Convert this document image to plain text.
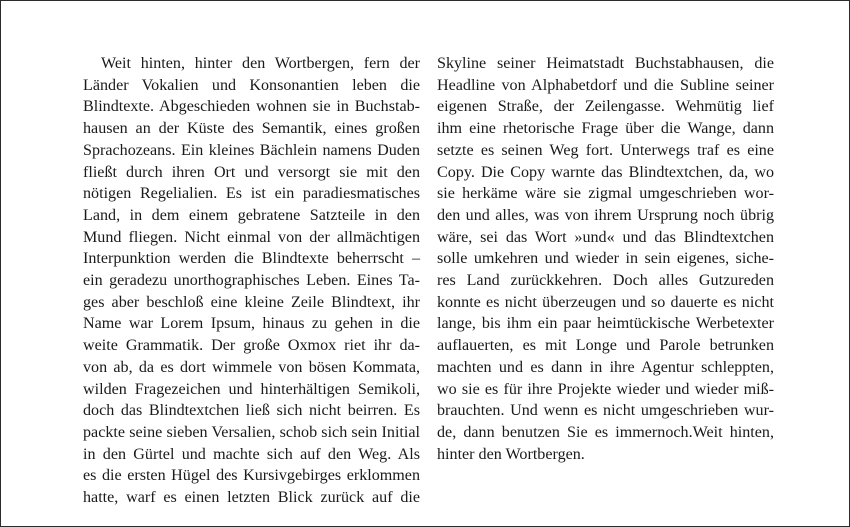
Weit hinten, hinter den Wortbergen, fern der
Länder Vokalien und Konsonantien leben die
Blindtexte. Abgeschieden wohnen sie in Buchstab-
hausen an der Küste des Semantik, eines großen
Sprachozeans. Ein kleines Bächlein namens Duden
fließt durch ihren Ort und versorgt sie mit den
nötigen Regelialien. Es ist ein paradiesmatisches
Land, in dem einem gebratene Satzteile in den
Mund fliegen. Nicht einmal von der allmächtigen
Interpunktion werden die Blindtexte beherrscht –
ein geradezu unorthographisches Leben. Eines Ta-
ges aber beschloß eine kleine Zeile Blindtext, ihr
Name war Lorem Ipsum, hinaus zu gehen in die
weite Grammatik. Der große Oxmox riet ihr da-
von ab, da es dort wimmele von bösen Kommata,
wilden Fragezeichen und hinterhältigen Semikoli,
doch das Blindtextchen ließ sich nicht beirren. Es
packte seine sieben Versalien, schob sich sein Initial
in den Gürtel und machte sich auf den Weg. Als
es die ersten Hügel des Kursivgebirges erklommen
hatte, warf es einen letzten Blick zurück auf die
Skyline seiner Heimatstadt Buchstabhausen, die
Headline von Alphabetdorf und die Subline seiner
eigenen Straße, der Zeilengasse. Wehmütig lief
ihm eine rhetorische Frage über die Wange, dann
setzte es seinen Weg fort. Unterwegs traf es eine
Copy. Die Copy warnte das Blindtextchen, da, wo
sie herkäme wäre sie zigmal umgeschrieben wor-
den und alles, was von ihrem Ursprung noch übrig
wäre, sei das Wort »und« und das Blindtextchen
solle umkehren und wieder in sein eigenes, siche-
res Land zurückkehren. Doch alles Gutzureden
konnte es nicht überzeugen und so dauerte es nicht
lange, bis ihm ein paar heimtückische Werbetexter
auflauerten, es mit Longe und Parole betrunken
machten und es dann in ihre Agentur schleppten,
wo sie es für ihre Projekte wieder und wieder miß-
brauchten. Und wenn es nicht umgeschrieben wur-
de, dann benutzen Sie es immernoch.Weit hinten,
hinter den Wortbergen.
